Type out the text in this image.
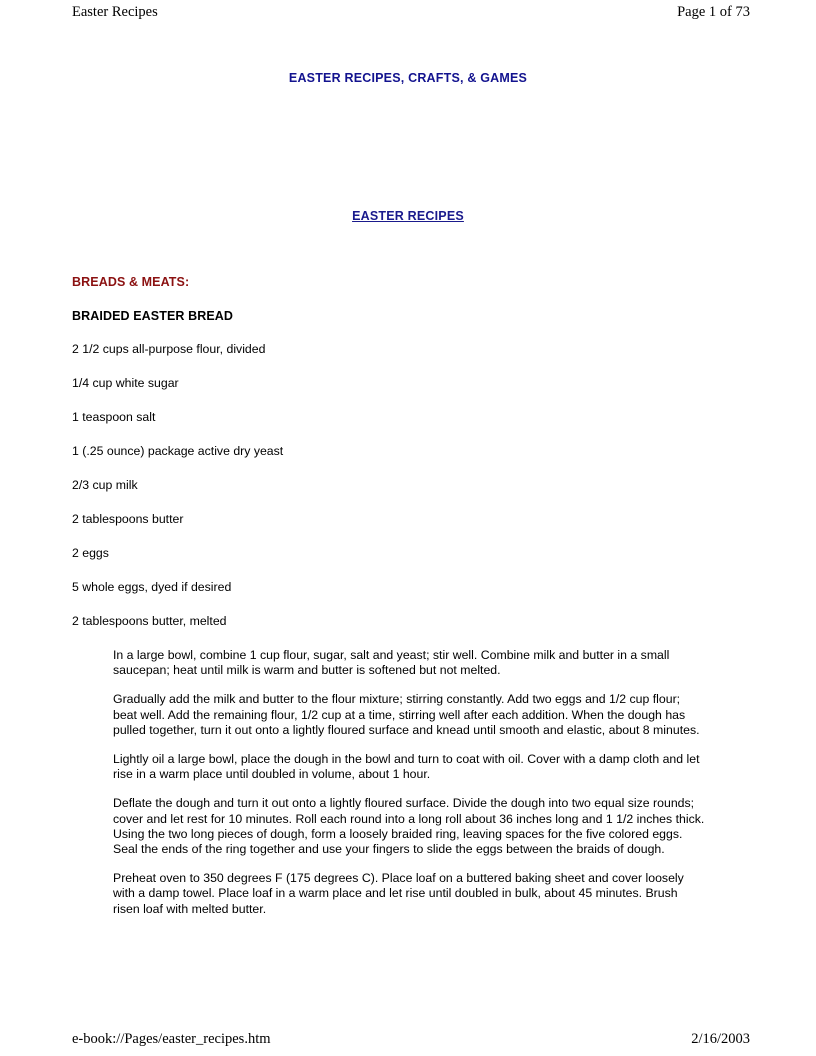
Easter Recipes	Page 1 of 73
EASTER RECIPES, CRAFTS, & GAMES
EASTER RECIPES
BREADS & MEATS:
BRAIDED EASTER BREAD

2 1/2 cups all-purpose flour, divided

1/4 cup white sugar

1 teaspoon salt

1 (.25 ounce) package active dry yeast

2/3 cup milk

2 tablespoons butter

2 eggs

5 whole eggs, dyed if desired

2 tablespoons butter, melted

In a large bowl, combine 1 cup flour, sugar, salt and yeast; stir well. Combine milk and butter in a small saucepan; heat until milk is warm and butter is softened but not melted.

Gradually add the milk and butter to the flour mixture; stirring constantly. Add two eggs and 1/2 cup flour; beat well. Add the remaining flour, 1/2 cup at a time, stirring well after each addition. When the dough has pulled together, turn it out onto a lightly floured surface and knead until smooth and elastic, about 8 minutes.

Lightly oil a large bowl, place the dough in the bowl and turn to coat with oil. Cover with a damp cloth and let rise in a warm place until doubled in volume, about 1 hour.

Deflate the dough and turn it out onto a lightly floured surface. Divide the dough into two equal size rounds; cover and let rest for 10 minutes. Roll each round into a long roll about 36 inches long and 1 1/2 inches thick. Using the two long pieces of dough, form a loosely braided ring, leaving spaces for the five colored eggs. Seal the ends of the ring together and use your fingers to slide the eggs between the braids of dough.

Preheat oven to 350 degrees F (175 degrees C). Place loaf on a buttered baking sheet and cover loosely with a damp towel. Place loaf in a warm place and let rise until doubled in bulk, about 45 minutes. Brush risen loaf with melted butter.

e-book://Pages/easter_recipes.htm	2/16/2003
